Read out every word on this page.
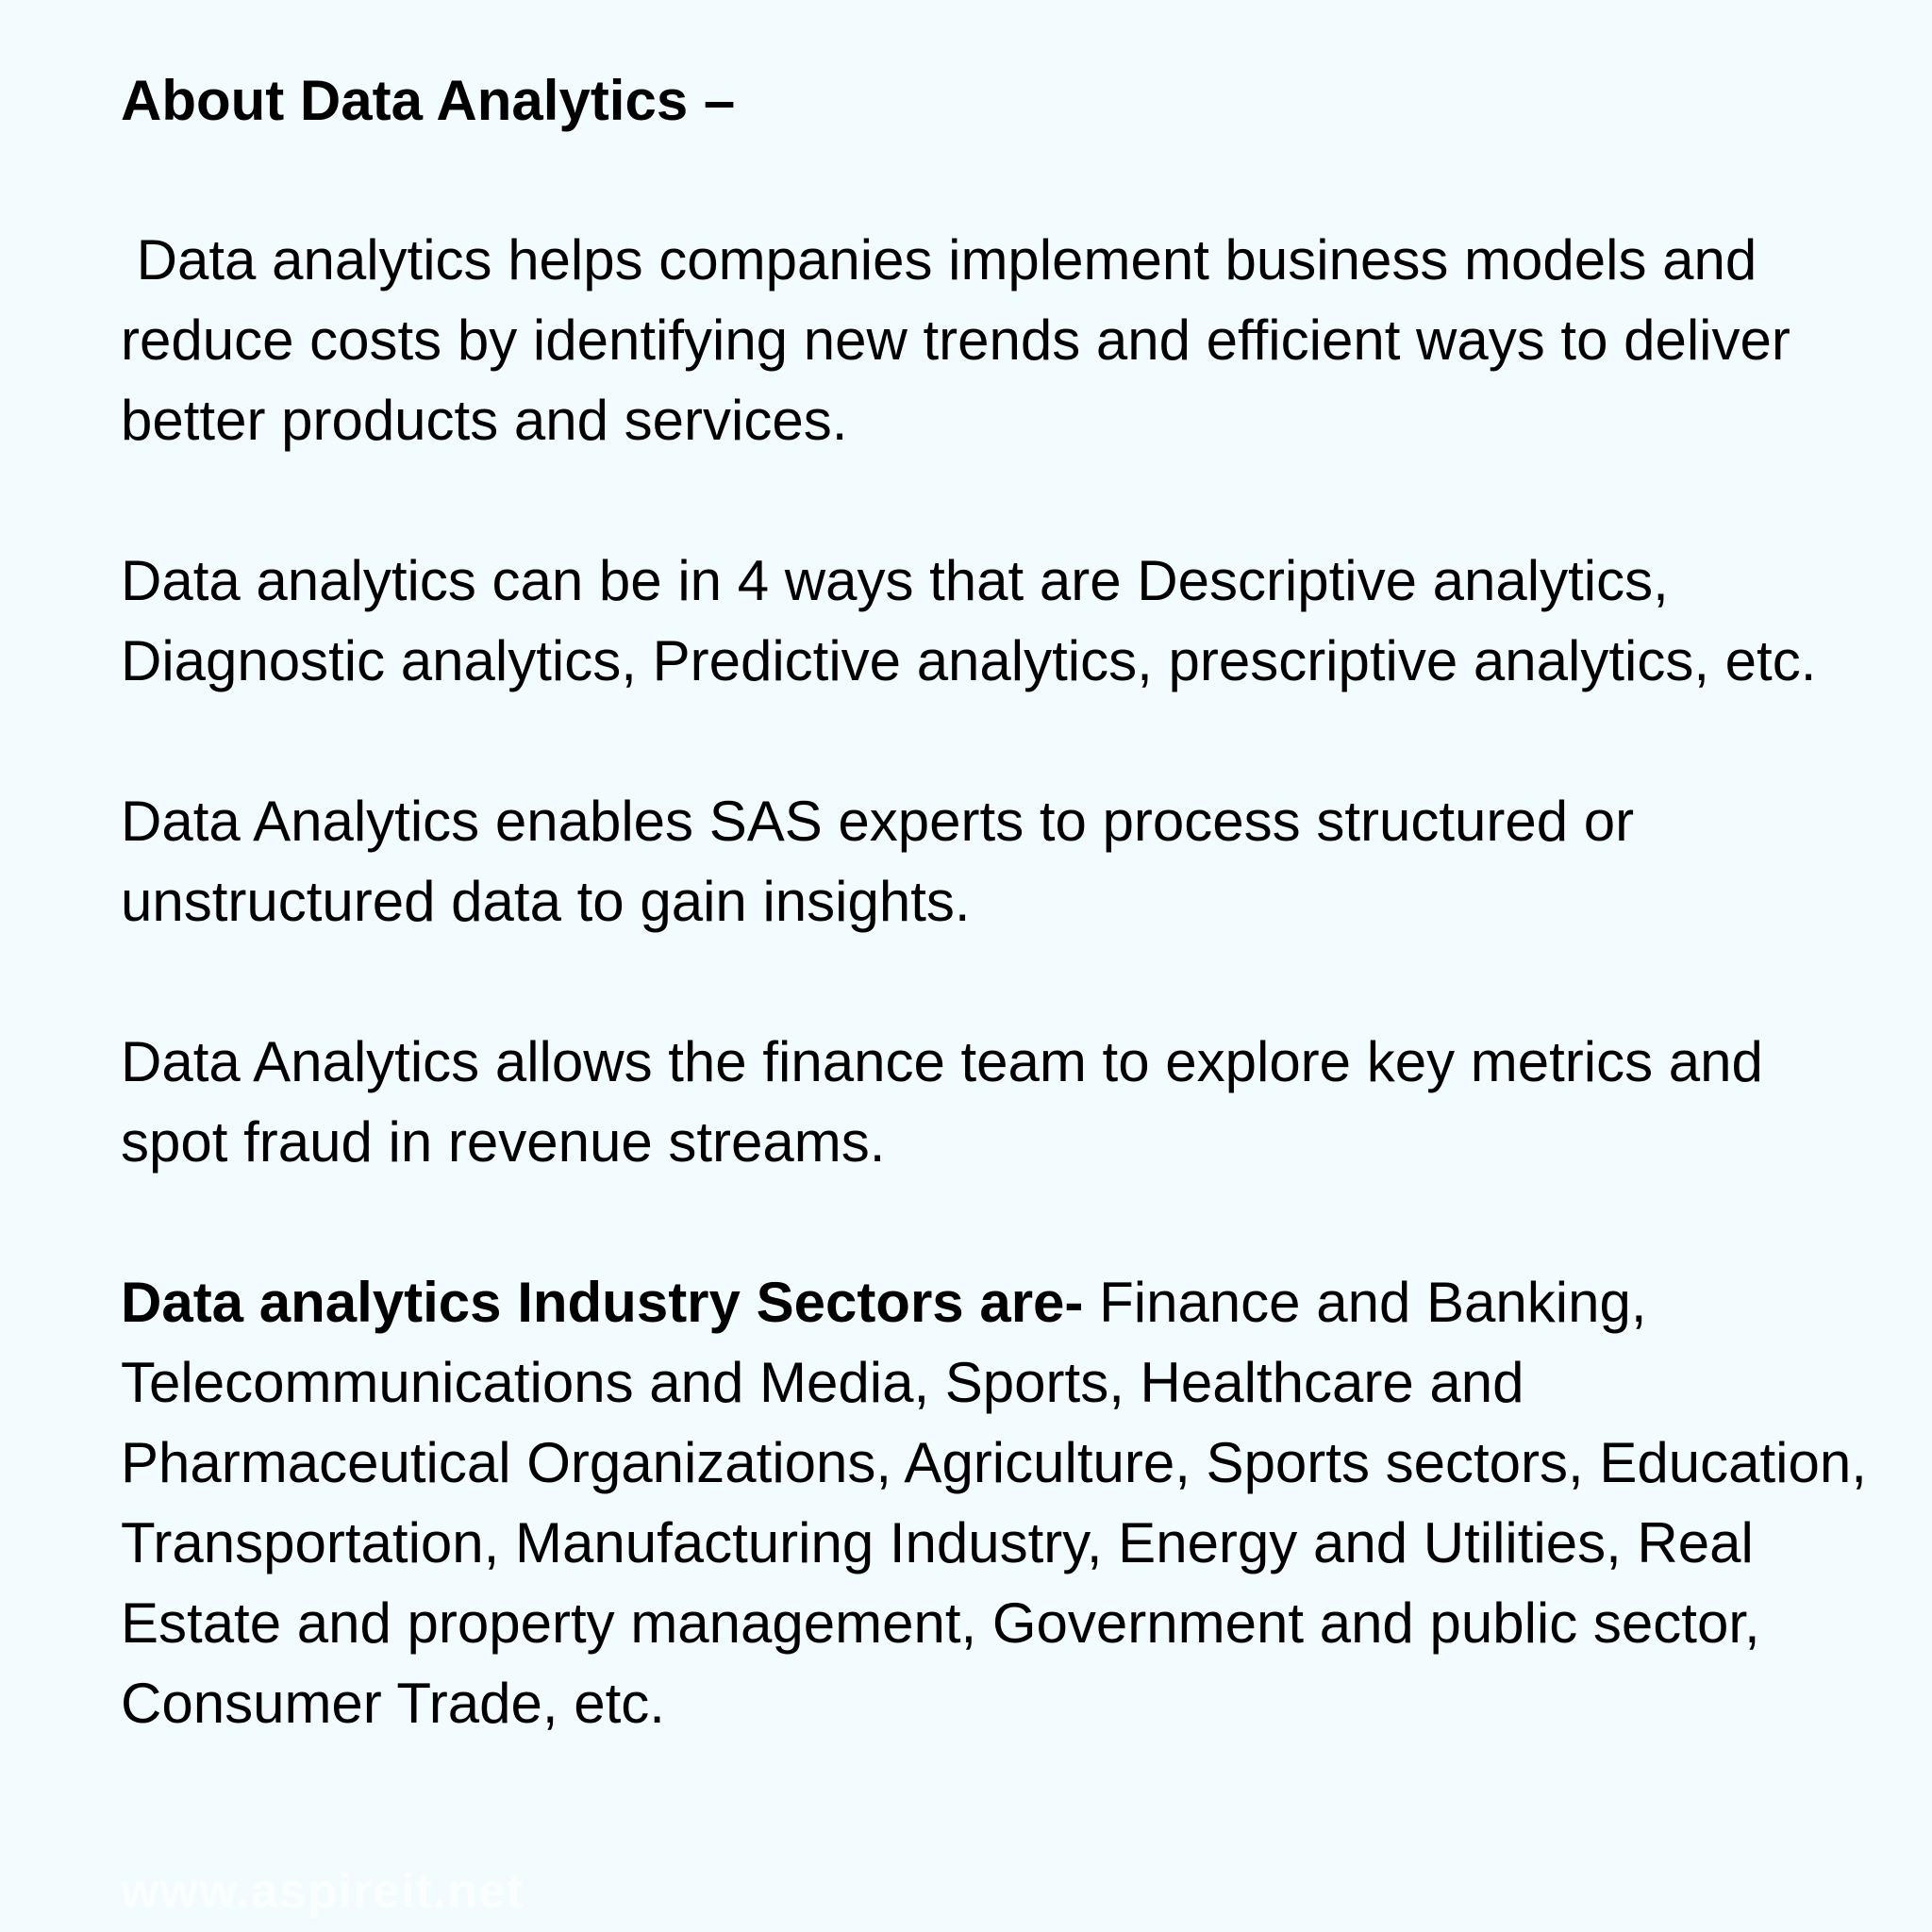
About Data Analytics –

Data analytics helps companies implement business models and reduce costs by identifying new trends and efficient ways to deliver better products and services.

Data analytics can be in 4 ways that are Descriptive analytics, Diagnostic analytics, Predictive analytics, prescriptive analytics, etc.

Data Analytics enables SAS experts to process structured or unstructured data to gain insights.

Data Analytics allows the finance team to explore key metrics and spot fraud in revenue streams.

Data analytics Industry Sectors are- Finance and Banking, Telecommunications and Media, Sports, Healthcare and Pharmaceutical Organizations, Agriculture, Sports sectors, Education, Transportation, Manufacturing Industry, Energy and Utilities, Real Estate and property management, Government and public sector, Consumer Trade, etc.

www.aspireit.net
